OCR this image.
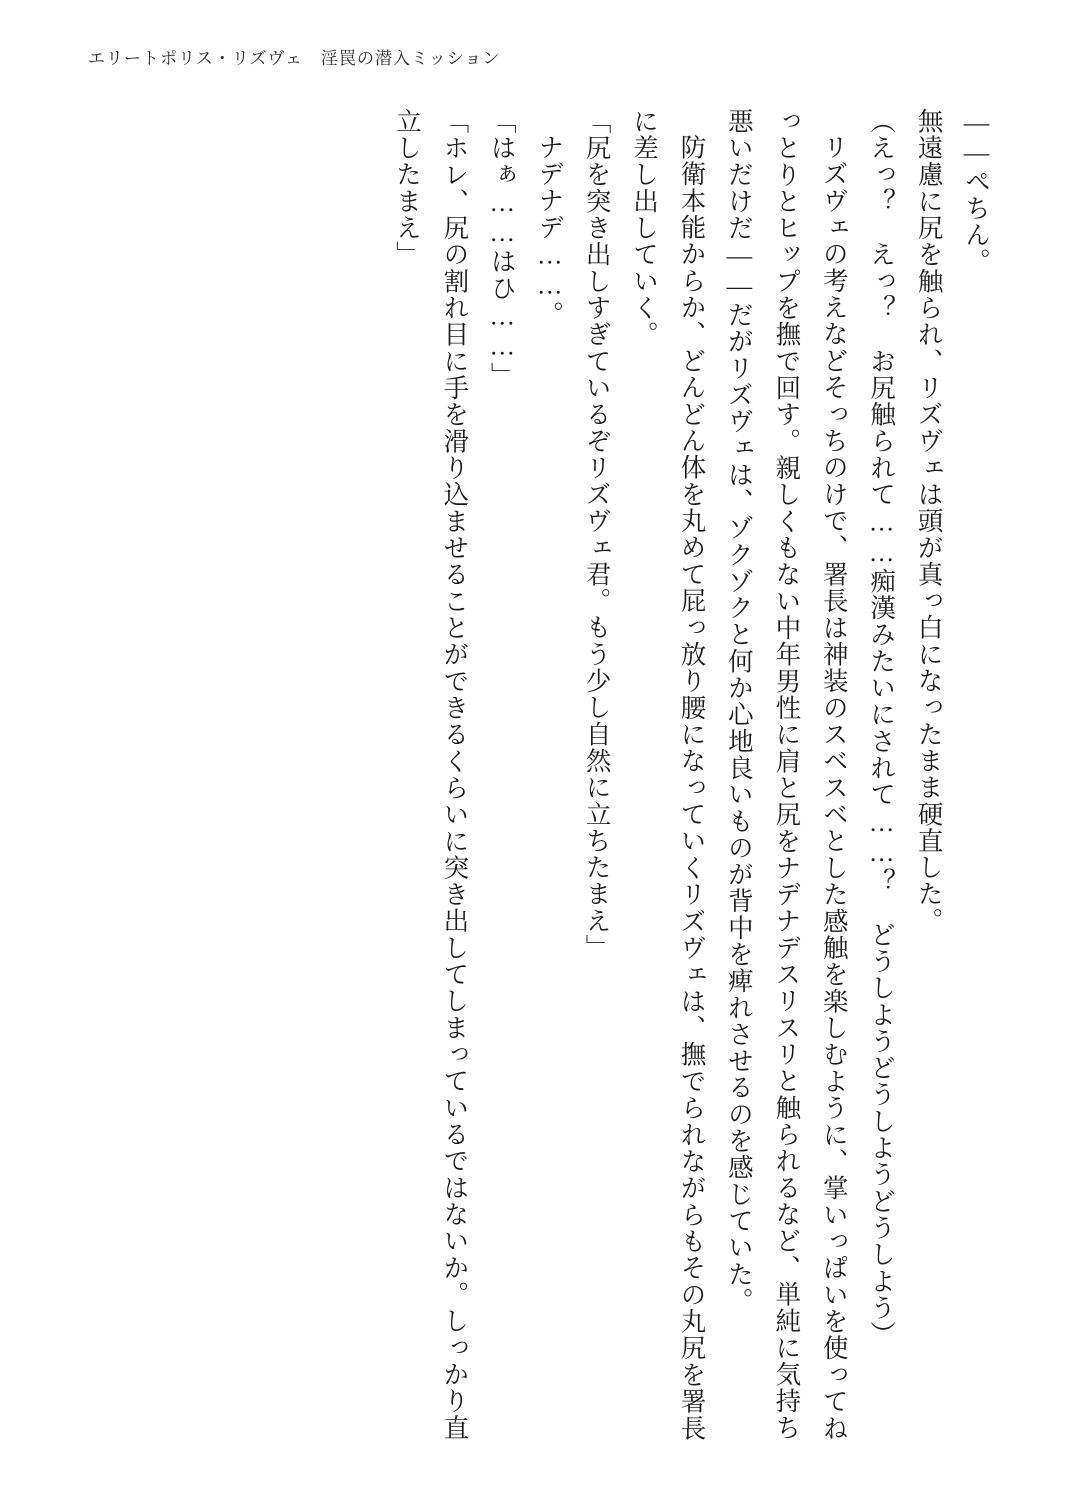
エリートポリス・リズヴェ　淫罠の潜入ミッション

――ぺちん。

無遠慮に尻を触られ、リズヴェは頭が真っ白になったまま硬直した。

（えっ？　えっ？　お尻触られて……痴漢みたいにされて……？　どうしようどうしようどうしよう）

リズヴェの考えなどそっちのけで、署長は神装のスベスベとした感触を楽しむように、掌いっぱいを使ってねっとりとヒップを撫で回す。親しくもない中年男性に肩と尻をナデナデスリスリと触られるなど、単純に気持ち悪いだけだ――だがリズヴェは、ゾクゾクと何か心地良いものが背中を痺れさせるのを感じていた。

防衛本能からか、どんどん体を丸めて屁っ放り腰になっていくリズヴェは、撫でられながらもその丸尻を署長に差し出していく。

「尻を突き出しすぎているぞリズヴェ君。もう少し自然に立ちたまえ」

ナデナデ……。

「はぁ……はひ……」

「ホレ、尻の割れ目に手を滑り込ませることができるくらいに突き出してしまっているではないか。しっかり直立したまえ」
